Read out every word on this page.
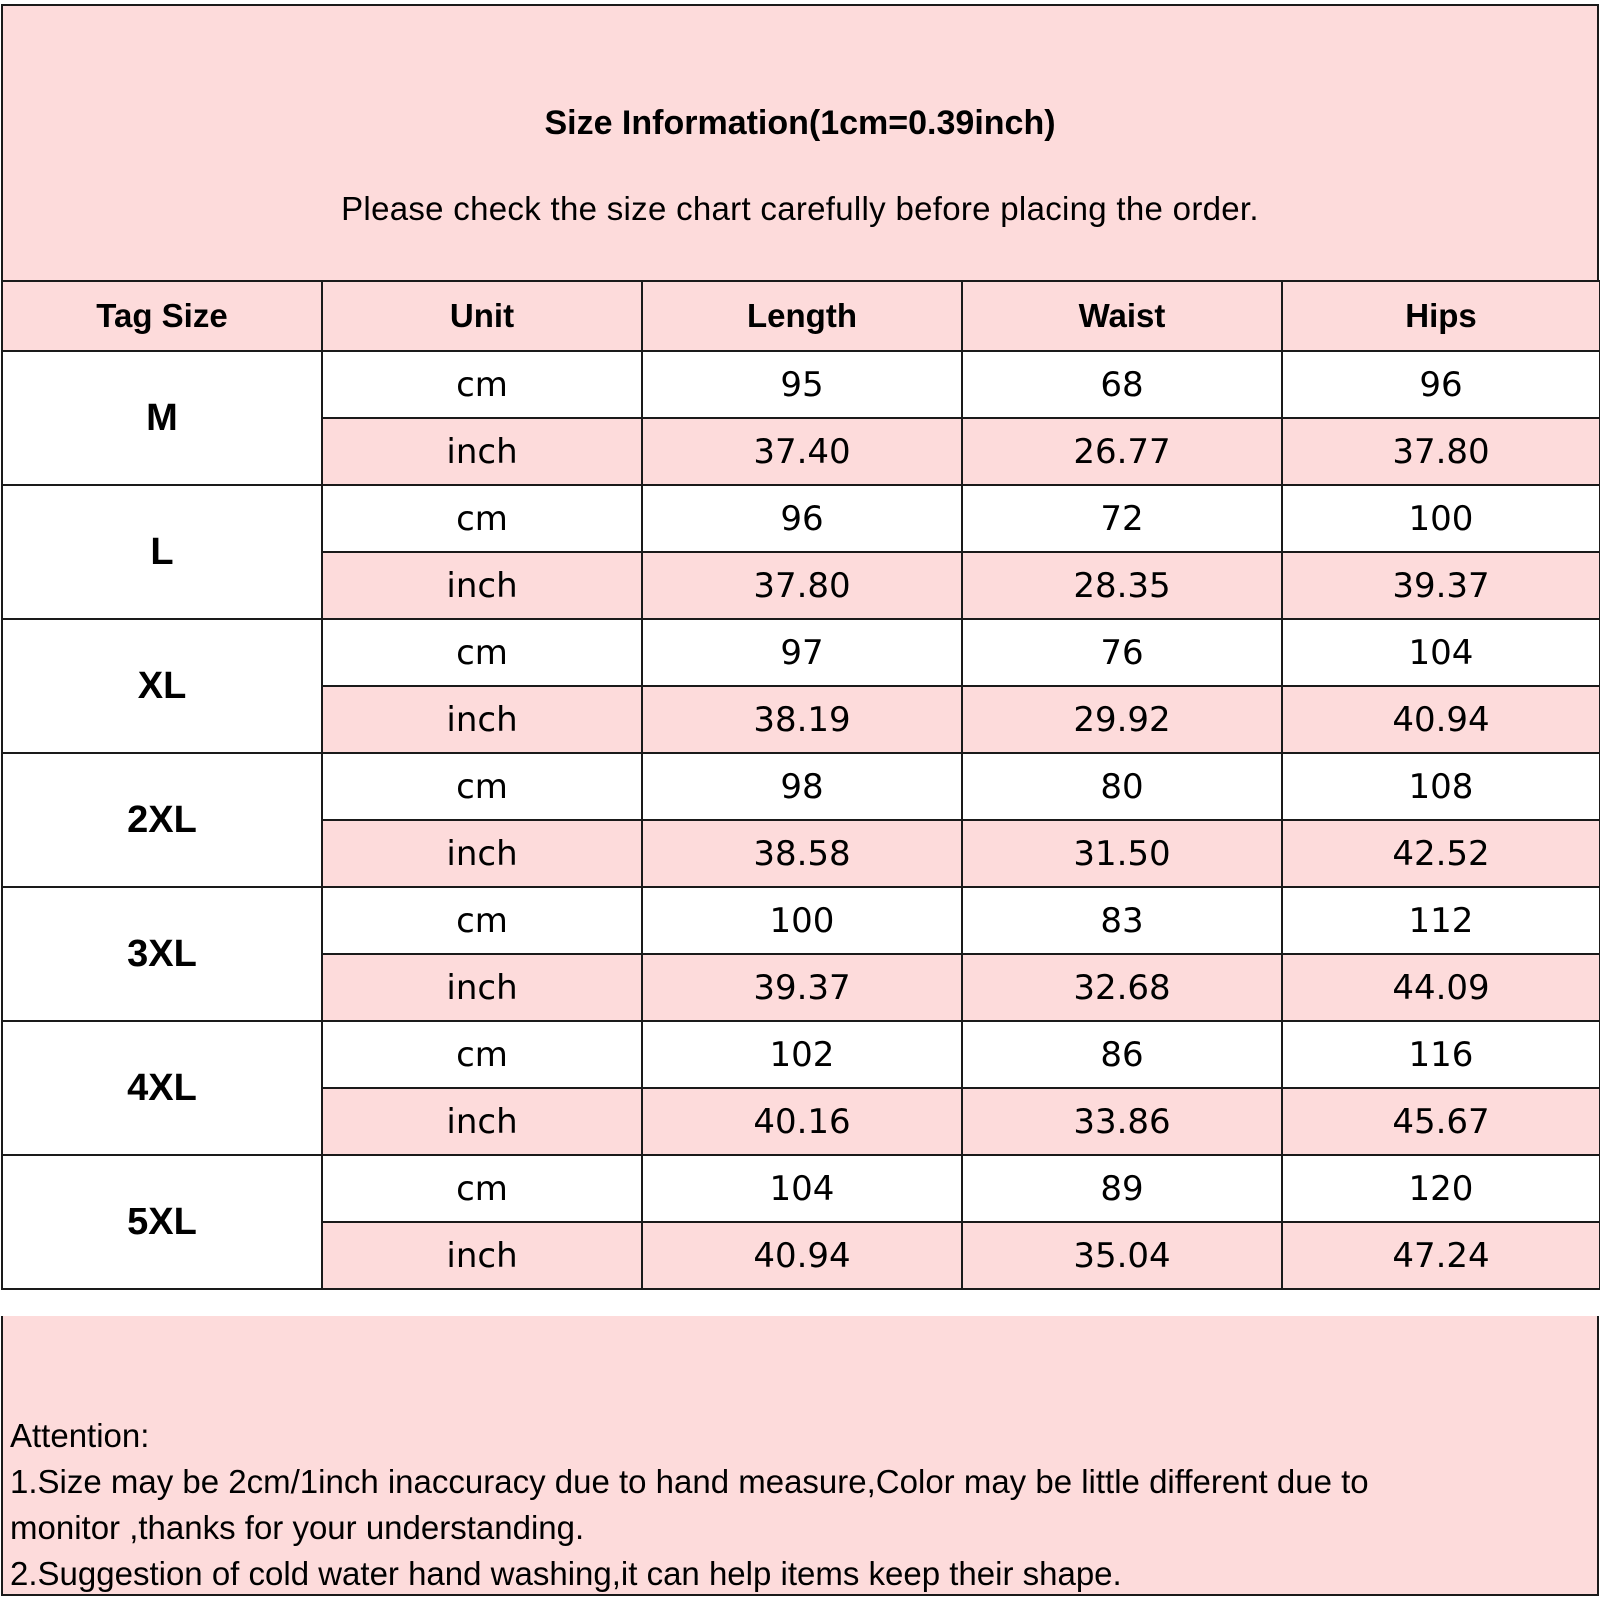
Size Information(1cm=0.39inch)
Please check the size chart carefully before placing the order.
Tag Size	Unit	Length	Waist	Hips
M	cm	95	68	96
	inch	37.40	26.77	37.80
L	cm	96	72	100
	inch	37.80	28.35	39.37
XL	cm	97	76	104
	inch	38.19	29.92	40.94
2XL	cm	98	80	108
	inch	38.58	31.50	42.52
3XL	cm	100	83	112
	inch	39.37	32.68	44.09
4XL	cm	102	86	116
	inch	40.16	33.86	45.67
5XL	cm	104	89	120
	inch	40.94	35.04	47.24
Attention:
1.Size may be 2cm/1inch inaccuracy due to hand measure,Color may be little different due to
monitor ,thanks for your understanding.
2.Suggestion of cold water hand washing,it can help items keep their shape.
